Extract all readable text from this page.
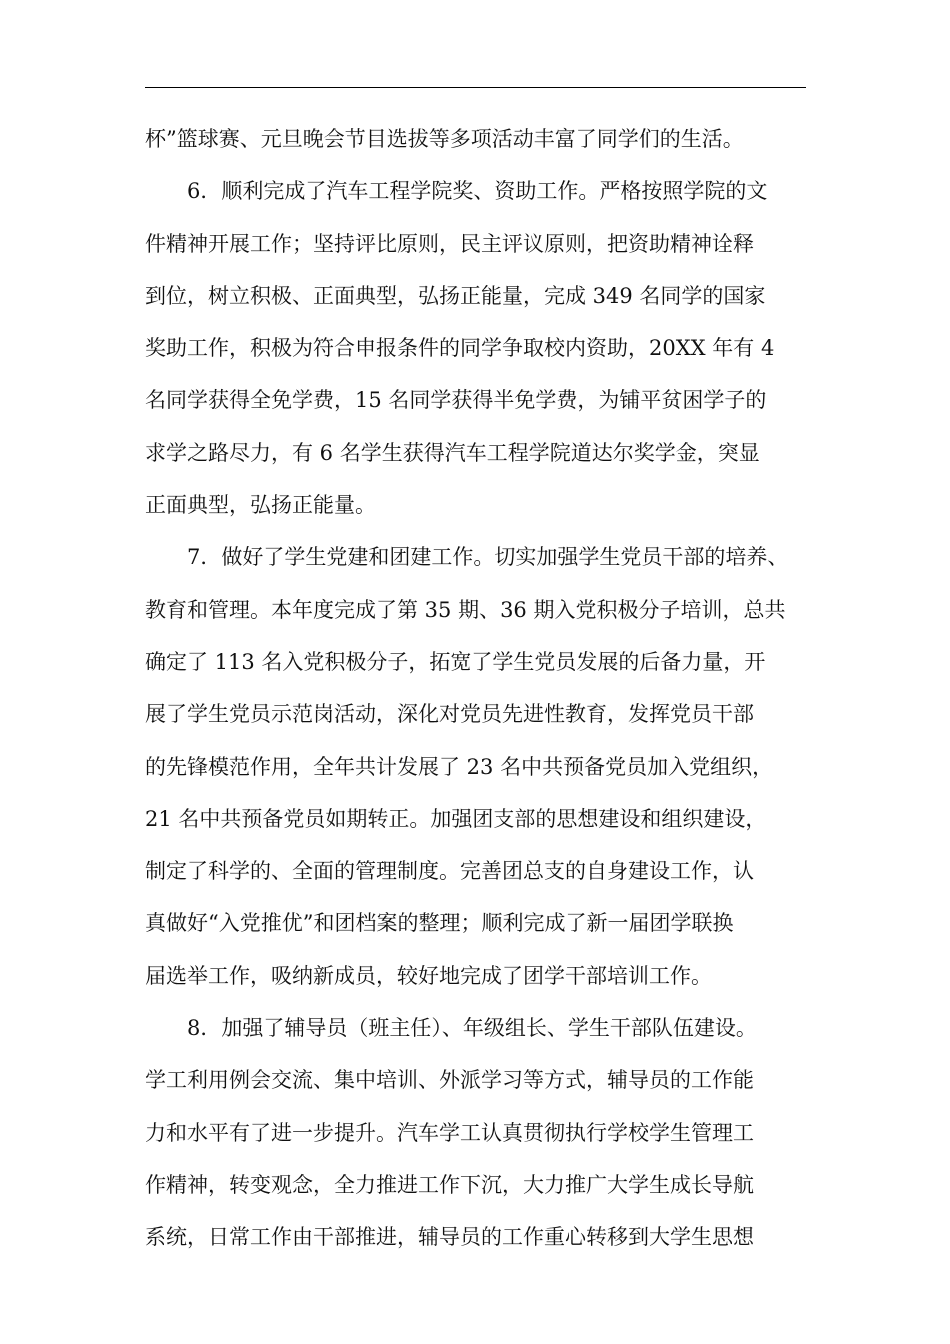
杯”篮球赛、元旦晚会节目选拔等多项活动丰富了同学们的生活。
6．顺利完成了汽车工程学院奖、资助工作。严格按照学院的文
件精神开展工作；坚持评比原则，民主评议原则，把资助精神诠释
到位，树立积极、正面典型，弘扬正能量，完成 349 名同学的国家
奖助工作，积极为符合申报条件的同学争取校内资助，20XX 年有 4
名同学获得全免学费，15 名同学获得半免学费，为铺平贫困学子的
求学之路尽力，有 6 名学生获得汽车工程学院道达尔奖学金，突显
正面典型，弘扬正能量。
7．做好了学生党建和团建工作。切实加强学生党员干部的培养、
教育和管理。本年度完成了第 35 期、36 期入党积极分子培训，总共
确定了 113 名入党积极分子，拓宽了学生党员发展的后备力量，开
展了学生党员示范岗活动，深化对党员先进性教育，发挥党员干部
的先锋模范作用，全年共计发展了 23 名中共预备党员加入党组织，
21 名中共预备党员如期转正。加强团支部的思想建设和组织建设，
制定了科学的、全面的管理制度。完善团总支的自身建设工作，认
真做好“入党推优”和团档案的整理；顺利完成了新一届团学联换
届选举工作，吸纳新成员，较好地完成了团学干部培训工作。
8．加强了辅导员（班主任）、年级组长、学生干部队伍建设。
学工利用例会交流、集中培训、外派学习等方式，辅导员的工作能
力和水平有了进一步提升。汽车学工认真贯彻执行学校学生管理工
作精神，转变观念，全力推进工作下沉，大力推广大学生成长导航
系统，日常工作由干部推进，辅导员的工作重心转移到大学生思想
